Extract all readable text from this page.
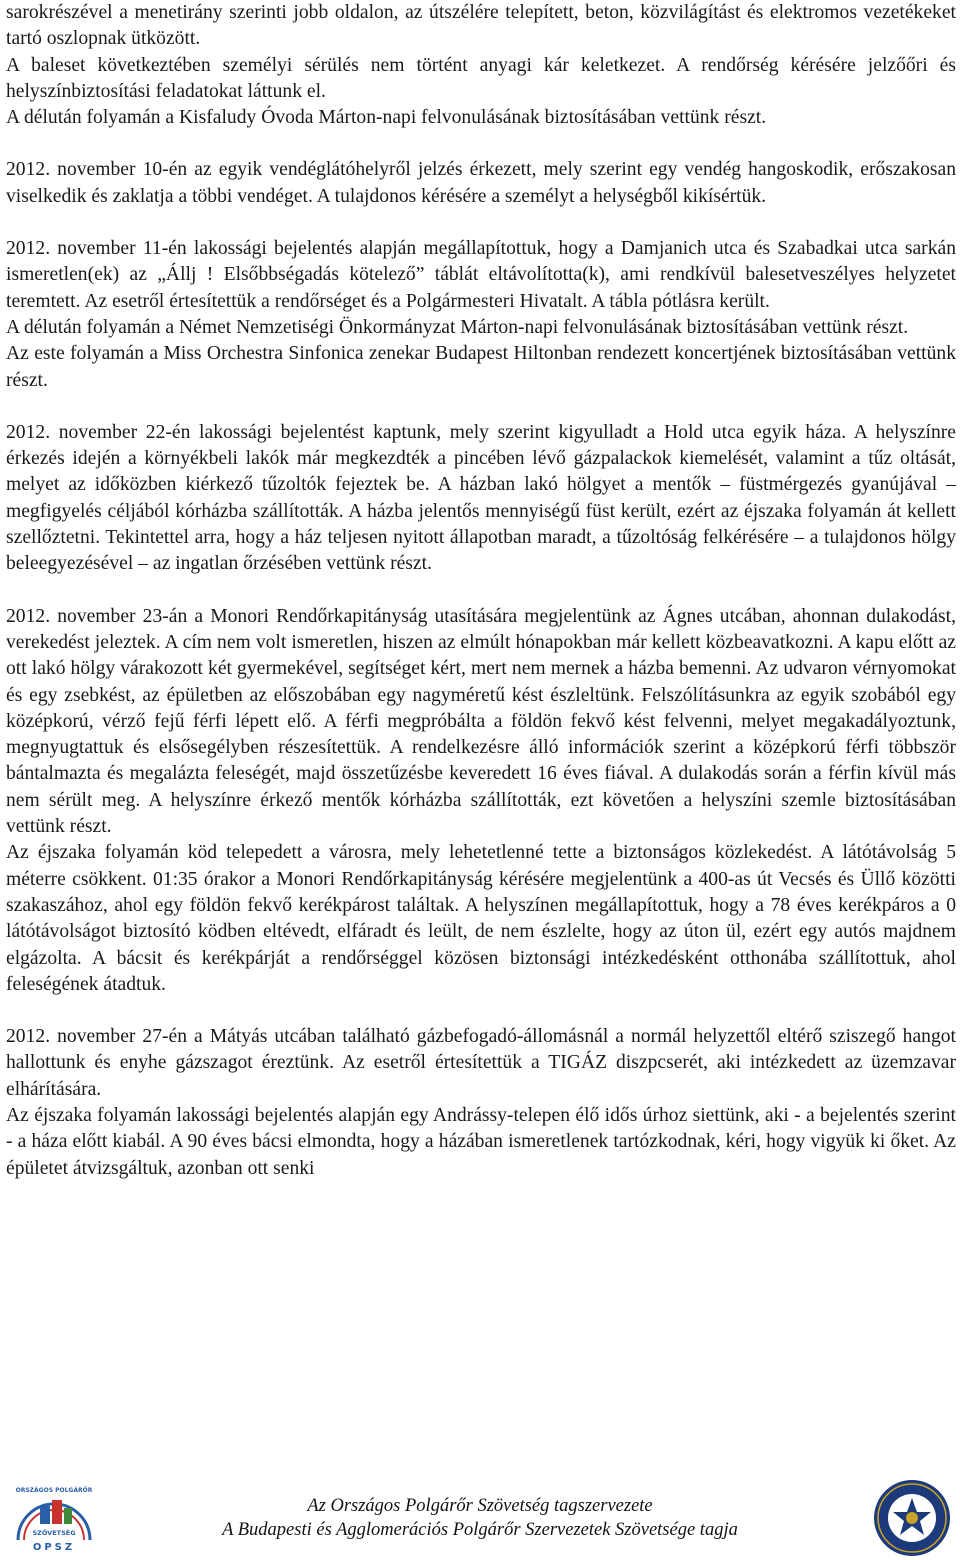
sarokrészével a menetirány szerinti jobb oldalon, az útszélére telepített, beton, közvilágítást és elektromos vezetékeket tartó oszlopnak ütközött.

A baleset következtében személyi sérülés nem történt anyagi kár keletkezet. A rendőrség kérésére jelzőőri és helyszínbiztosítási feladatokat láttunk el.

A délután folyamán a Kisfaludy Óvoda Márton-napi felvonulásának biztosításában vettünk részt.

2012. november 10-én az egyik vendéglátóhelyről jelzés érkezett, mely szerint egy vendég hangoskodik, erőszakosan viselkedik és zaklatja a többi vendéget. A tulajdonos kérésére a személyt a helységből kikísértük.

2012. november 11-én lakossági bejelentés alapján megállapítottuk, hogy a Damjanich utca és Szabadkai utca sarkán ismeretlen(ek) az „Állj ! Elsőbbségadás kötelező” táblát eltávolította(k), ami rendkívül balesetveszélyes helyzetet teremtett. Az esetről értesítettük a rendőrséget és a Polgármesteri Hivatalt. A tábla pótlásra került.

A délután folyamán a Német Nemzetiségi Önkormányzat Márton-napi felvonulásának biztosításában vettünk részt.

Az este folyamán a Miss Orchestra Sinfonica zenekar Budapest Hiltonban rendezett koncertjének biztosításában vettünk részt.

2012. november 22-én lakossági bejelentést kaptunk, mely szerint kigyulladt a Hold utca egyik háza. A helyszínre érkezés idején a környékbeli lakók már megkezdték a pincében lévő gázpalackok kiemelését, valamint a tűz oltását, melyet az időközben kiérkező tűzoltók fejeztek be. A házban lakó hölgyet a mentők – füstmérgezés gyanújával – megfigyelés céljából kórházba szállították. A házba jelentős mennyiségű füst került, ezért az éjszaka folyamán át kellett szellőztetni. Tekintettel arra, hogy a ház teljesen nyitott állapotban maradt, a tűzoltóság felkérésére – a tulajdonos hölgy beleegyezésével – az ingatlan őrzésében vettünk részt.

2012. november 23-án a Monori Rendőrkapitányság utasítására megjelentünk az Ágnes utcában, ahonnan dulakodást, verekedést jeleztek. A cím nem volt ismeretlen, hiszen az elmúlt hónapokban már kellett közbeavatkozni. A kapu előtt az ott lakó hölgy várakozott két gyermekével, segítséget kért, mert nem mernek a házba bemenni. Az udvaron vérnyomokat és egy zsebkést, az épületben az előszobában egy nagyméretű kést észleltünk. Felszólításunkra az egyik szobából egy középkorú, vérző fejű férfi lépett elő. A férfi megpróbálta a földön fekvő kést felvenni, melyet megakadályoztunk, megnyugtattuk és elsősegélyben részesítettük. A rendelkezésre álló információk szerint a középkorú férfi többször bántalmazta és megalázta feleségét, majd összetűzésbe keveredett 16 éves fiával. A dulakodás során a férfin kívül más nem sérült meg. A helyszínre érkező mentők kórházba szállították, ezt követően a helyszíni szemle biztosításában vettünk részt.

Az éjszaka folyamán köd telepedett a városra, mely lehetetlenné tette a biztonságos közlekedést. A látótávolság 5 méterre csökkent. 01:35 órakor a Monori Rendőrkapitányság kérésére megjelentünk a 400-as út Vecsés és Üllő közötti szakaszához, ahol egy földön fekvő kerékpárost találtak. A helyszínen megállapítottuk, hogy a 78 éves kerékpáros a 0 látótávolságot biztosító ködben eltévedt, elfáradt és leült, de nem észlelte, hogy az úton ül, ezért egy autós majdnem elgázolta. A bácsit és kerékpárját a rendőrséggel közösen biztonsági intézkedésként otthonába szállítottuk, ahol feleségének átadtuk.

2012. november 27-én a Mátyás utcában található gázbefogadó-állomásnál a normál helyzettől eltérő sziszegő hangot hallottunk és enyhe gázszagot éreztünk. Az esetről értesítettük a TIGÁZ diszpcserét, aki intézkedett az üzemzavar elhárítására.

Az éjszaka folyamán lakossági bejelentés alapján egy Andrássy-telepen élő idős úrhoz siettünk, aki - a bejelentés szerint - a háza előtt kiabál. A 90 éves bácsi elmondta, hogy a házában ismeretlenek tartózkodnak, kéri, hogy vigyük ki őket. Az épületet átvizsgáltuk, azonban ott senki

ORSZÁGOS POLGÁRŐR
SZÖVETSÉG
OPSZ
Az Országos Polgárőr Szövetség tagszervezete
A Budapesti és Agglomerációs Polgárőr Szervezetek Szövetsége tagja
